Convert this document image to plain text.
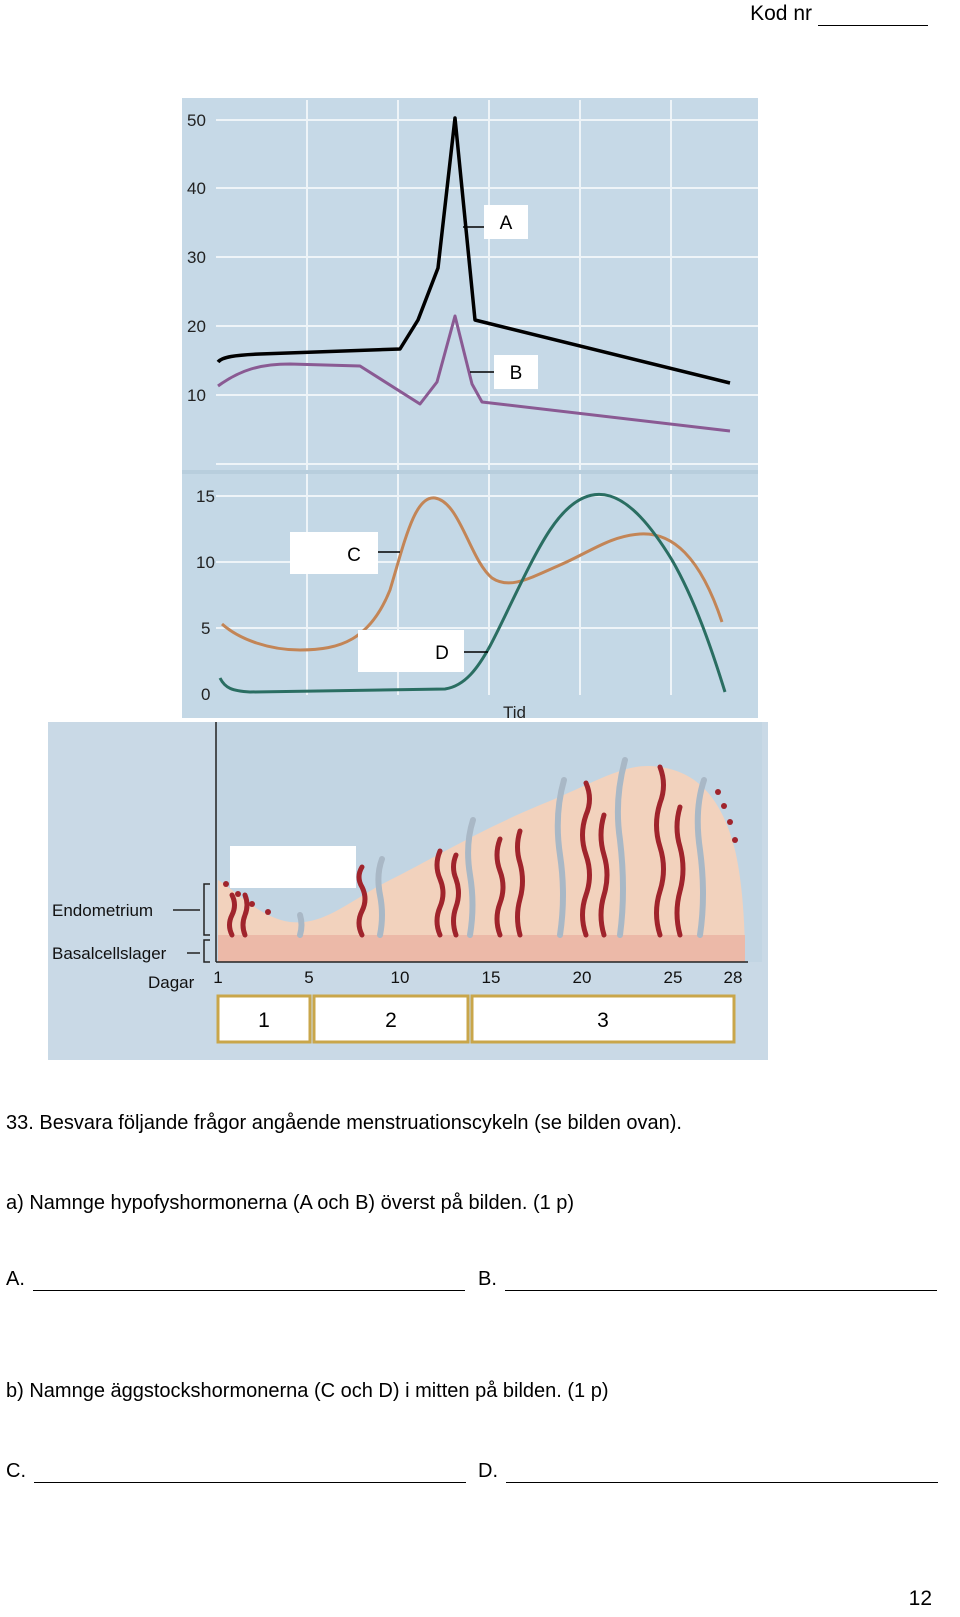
Kod nr
50
40
30
20
10
A
B
15
10
5
0
C
D
Tid
Endometrium
Basalcellslager
Dagar 1	5	10	15	20	25 28
1	2	3
33. Besvara följande frågor angående menstruationscykeln (se bilden ovan).
a) Namnge hypofyshormonerna (A och B) överst på bilden. (1 p)
A.	B.
b) Namnge äggstockshormonerna (C och D) i mitten på bilden. (1 p)
C.	D.
12
